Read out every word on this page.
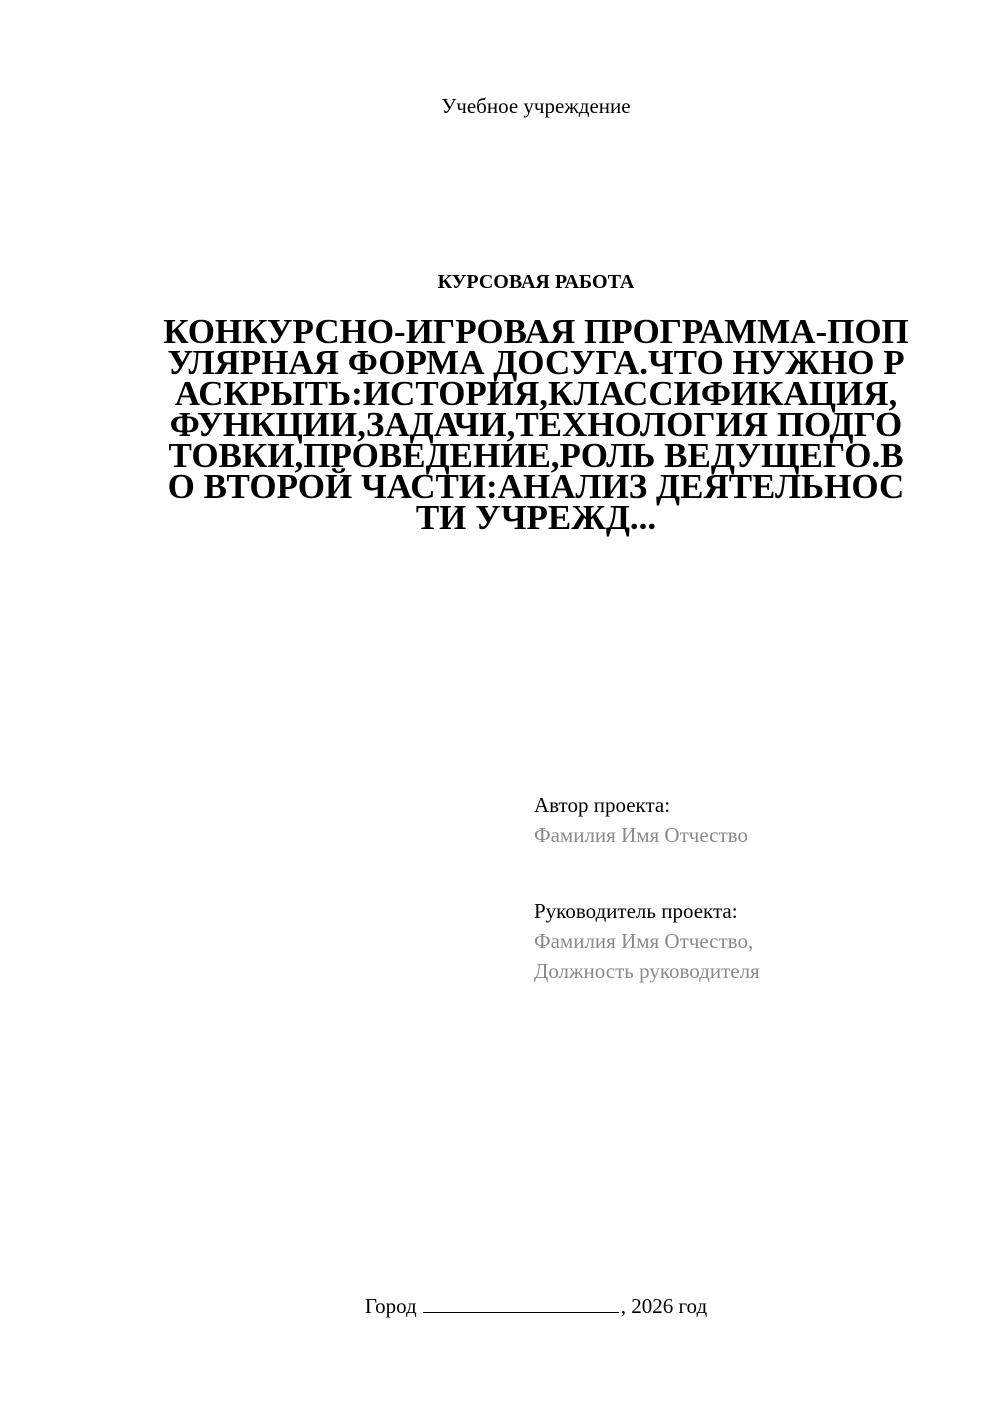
Учебное учреждение
КУРСОВАЯ РАБОТА
КОНКУРСНО-ИГРОВАЯ ПРОГРАММА-ПОПУЛЯРНАЯ ФОРМА ДОСУГА.ЧТО НУЖНО РАСКРЫТЬ:ИСТОРИЯ,КЛАССИФИКАЦИЯ,ФУНКЦИИ,ЗАДАЧИ,ТЕХНОЛОГИЯ ПОДГОТОВКИ,ПРОВЕДЕНИЕ,РОЛЬ ВЕДУЩЕГО.ВО ВТОРОЙ ЧАСТИ:АНАЛИЗ ДЕЯТЕЛЬНОСТИ УЧРЕЖД...
Автор проекта:
Фамилия Имя Отчество
Руководитель проекта:
Фамилия Имя Отчество,
Должность руководителя
Город	, 2026 год
